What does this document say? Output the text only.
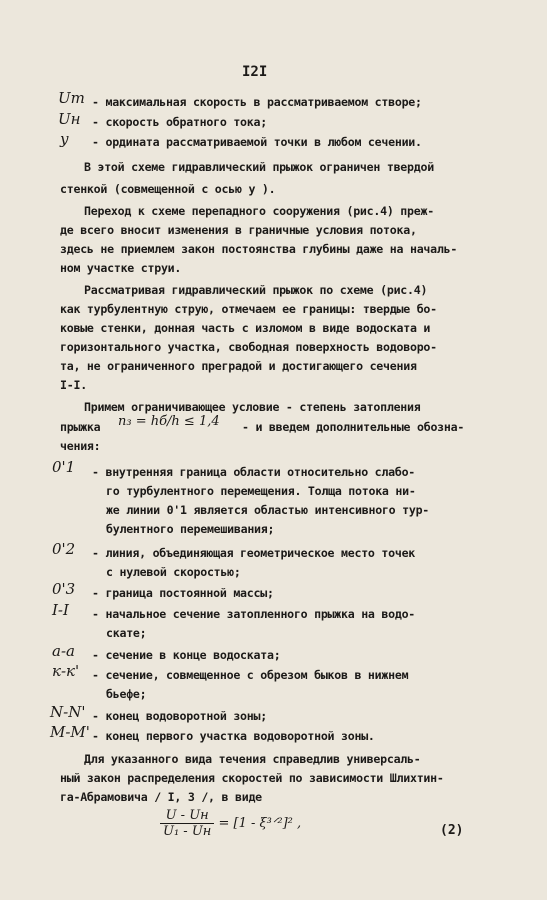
I2I
Um - максимальная скорость в рассматриваемом створе;
Uн - скорость обратного тока;
y - ордината рассматриваемой точки в любом сечении.
В этой схеме гидравлический прыжок ограничен твердой
стенкой (совмещенной с осью y ).
Переход к схеме перепадного сооружения (рис.4) преж-
де всего вносит изменения в граничные условия потока,
здесь не приемлем закон постоянства глубины даже на началь-
ном участке струи.
Рассматривая гидравлический прыжок по схеме (рис.4)
как турбулентную струю, отмечаем ее границы: твердые бо-
ковые стенки, донная часть с изломом в виде водоската и
горизонтального участка, свободная поверхность водоворо-
та, не ограниченного преградой и достигающего сечения
I-I.
Примем ограничивающее условие - степень затопления
прыжка n₃ = hб/h ≤ 1,4 - и введем дополнительные обозна-
чения:
0'1 - внутренняя граница области относительно слабо-
го турбулентного перемещения. Толща потока ни-
же линии 0'1 является областью интенсивного тур-
булентного перемешивания;
0'2 - линия, объединяющая геометрическое место точек
с нулевой скоростью;
0'3 - граница постоянной массы;
I-I - начальное сечение затопленного прыжка на водо-
скате;
a-a - сечение в конце водоската;
к-к' - сечение, совмещенное с обрезом быков в нижнем
бьефе;
N-N' - конец водоворотной зоны;
M-M' - конец первого участка водоворотной зоны.
Для указанного вида течения справедлив универсаль-
ный закон распределения скоростей по зависимости Шлихтин-
га-Абрамовича / I, 3 /, в виде
$\frac{U - Uн}{\text{U₁ - Uн}} = [1$ - ξ³ᐟ²]² ,	(2)
